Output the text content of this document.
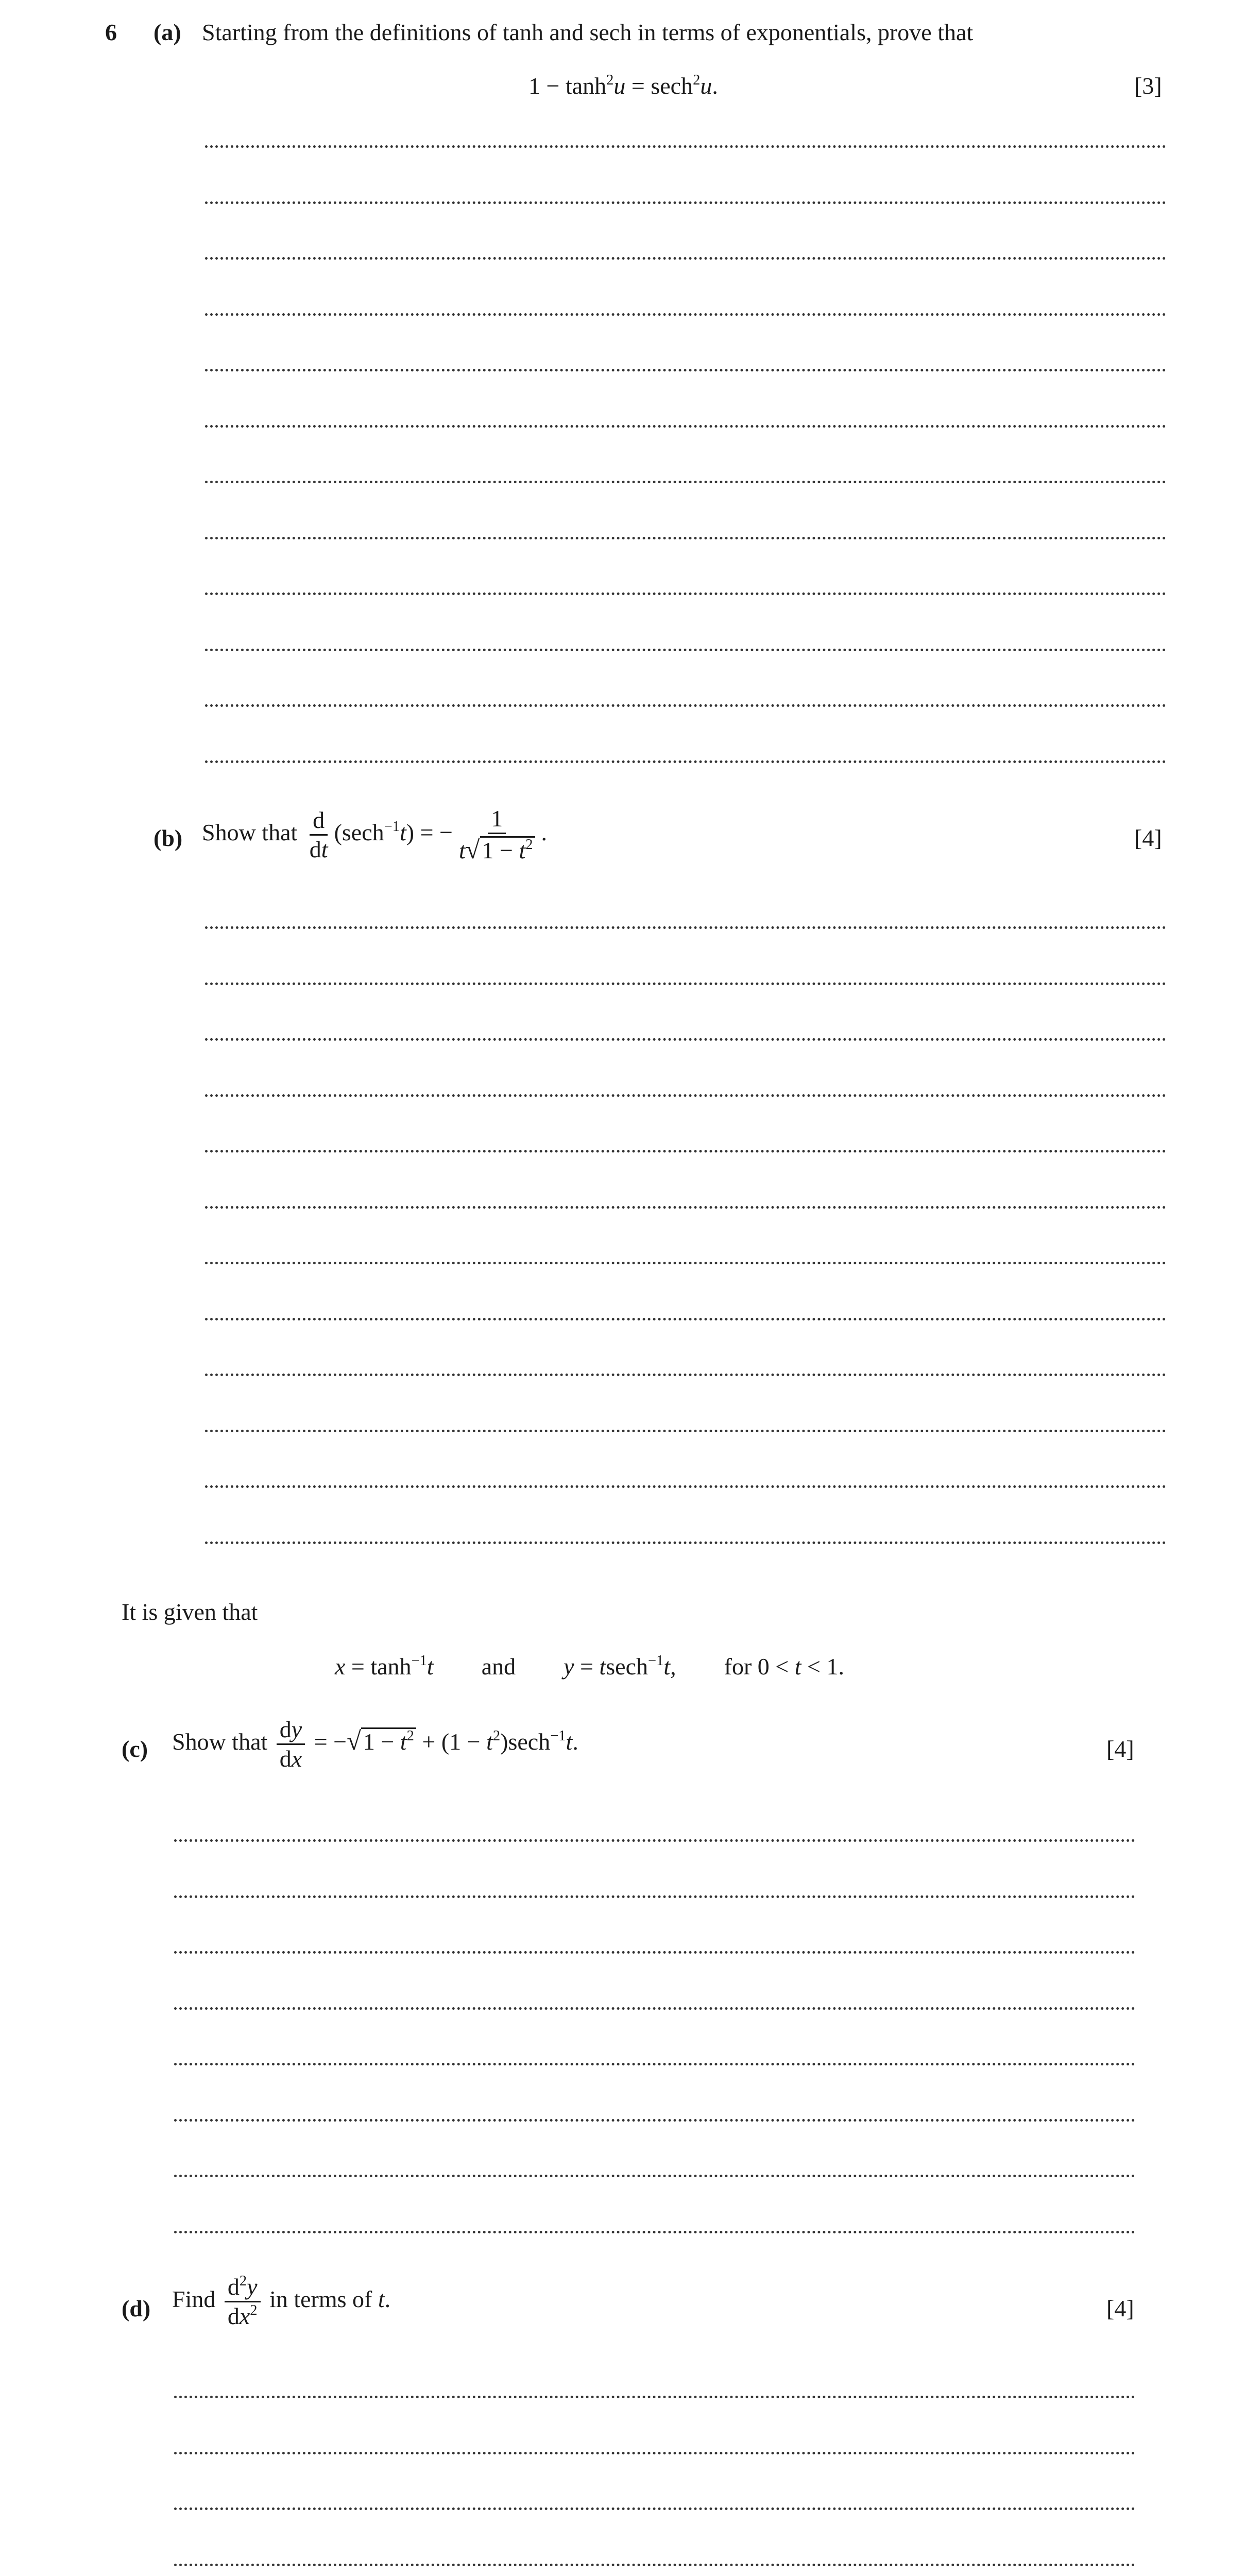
6 (a) Starting from the definitions of tanh and sech in terms of exponentials, prove that
$1 - \tanh^2u = \sec h^2u$.	[3]
(b) Show that $\frac{d}{dt} (\sec h^{-1}t)$ = − $\frac{1}{t√1 - t^2}$ .	[4]
It is given that
$x = \tanh^{-1}t$ and y = tsech$^{-1}$t, for 0 < t < 1.
(c) Show that $\frac{dy}{dx} = -√1 - t^2 + (1 - t^2)\sec h^{-1}t$.	[4]
(d) Find $\frac{d^2y}{dx^2}$ in terms of t.	[4]
